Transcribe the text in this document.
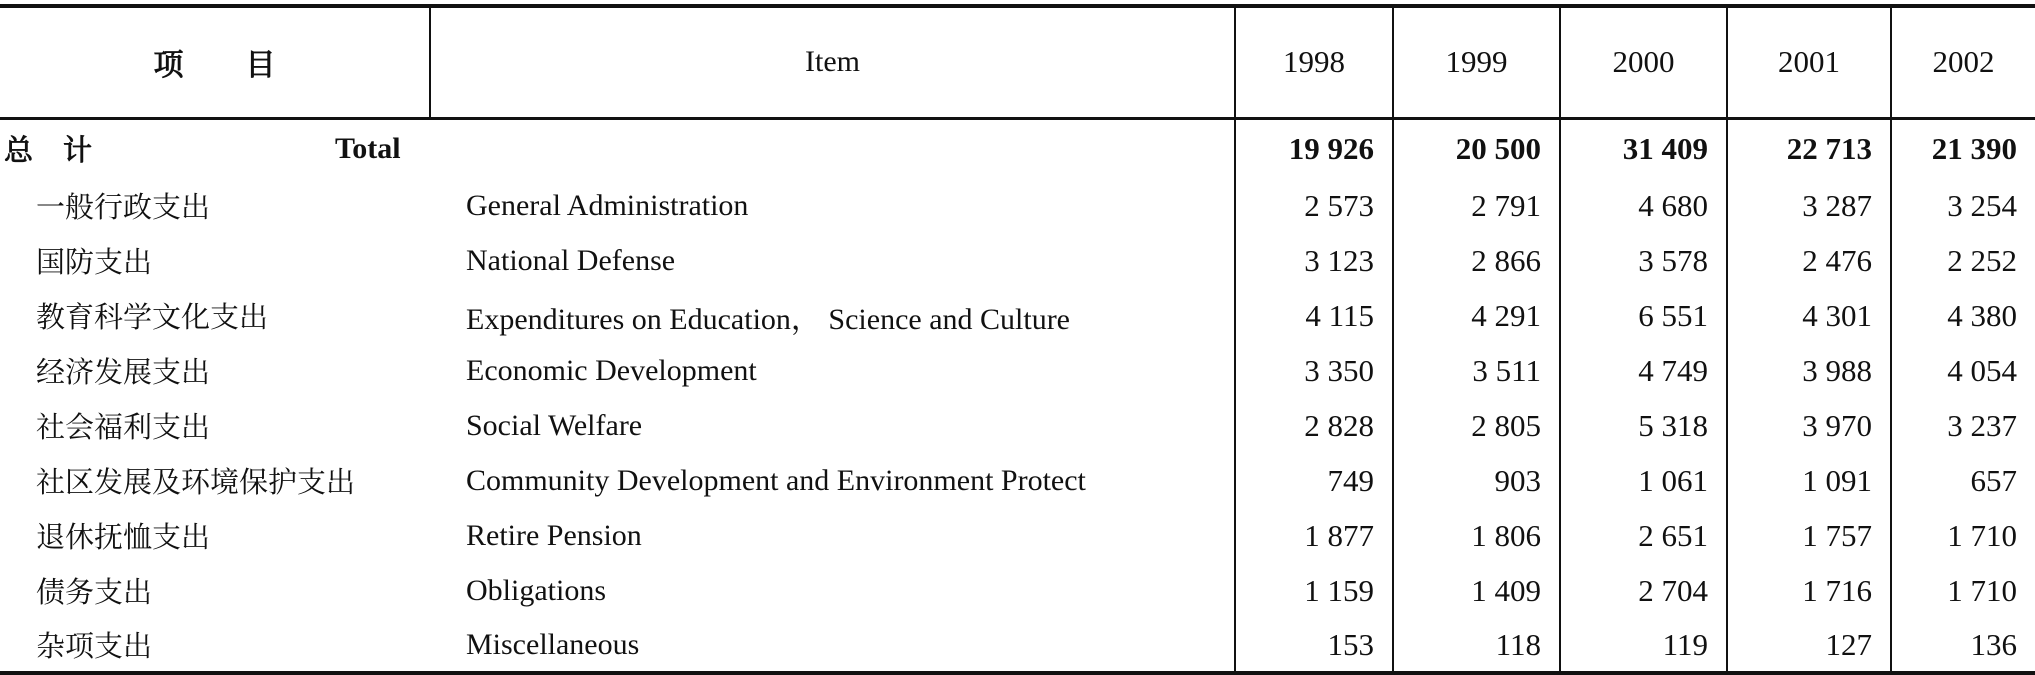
项目	Item	1998	1999	2000	2001	2002
总计	Total	19 926	20 500	31 409	22 713	21 390
一般行政支出	General Administration	2 573	2 791	4 680	3 287	3 254
国防支出	National Defense	3 123	2 866	3 578	2 476	2 252
教育科学文化支出	Expenditures on Education， Science and Culture	4 115	4 291	6 551	4 301	4 380
经济发展支出	Economic Development	3 350	3 511	4 749	3 988	4 054
社会福利支出	Social Welfare	2 828	2 805	5 318	3 970	3 237
社区发展及环境保护支出	Community Development and Environment Protect	749	903	1 061	1 091	657
退休抚恤支出	Retire Pension	1 877	1 806	2 651	1 757	1 710
债务支出	Obligations	1 159	1 409	2 704	1 716	1 710
杂项支出	Miscellaneous	153	118	119	127	136
